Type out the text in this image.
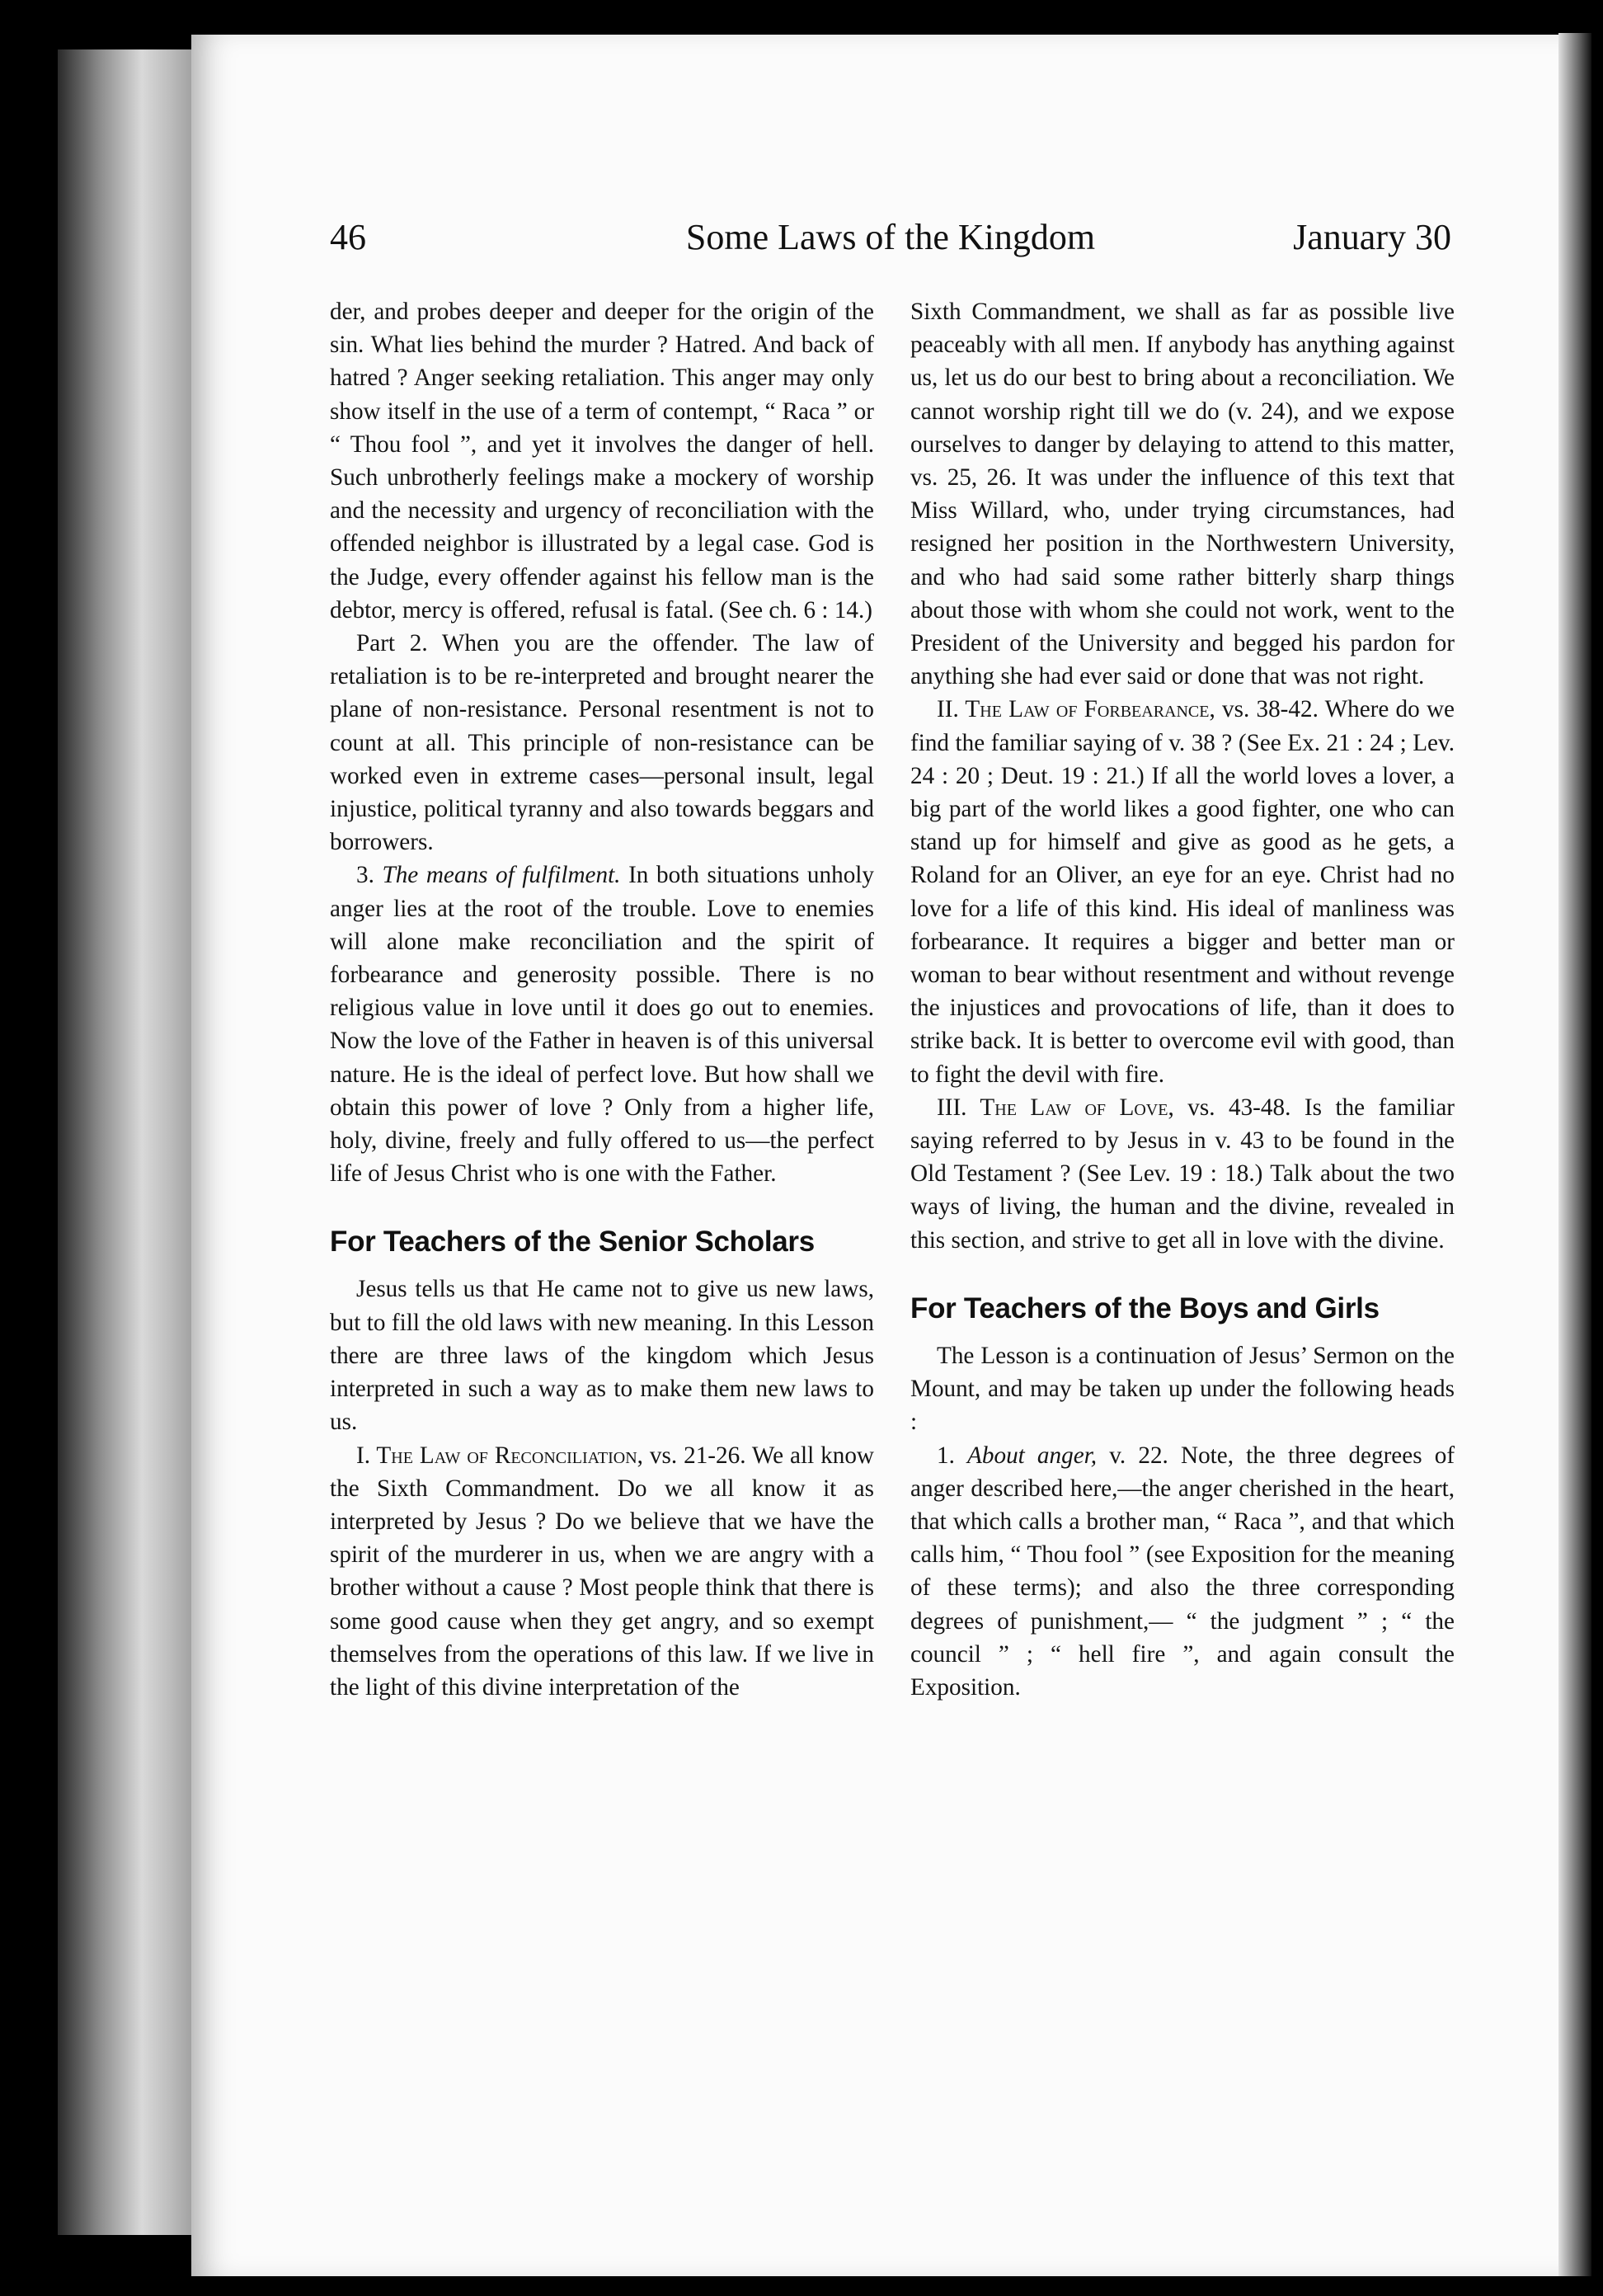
46	Some Laws of the Kingdom	January 30

der, and probes deeper and deeper for the origin of the sin. What lies behind the murder ? Hatred. And back of hatred ? Anger seeking retaliation. This anger may only show itself in the use of a term of contempt, “ Raca ” or “ Thou fool ”, and yet it involves the danger of hell. Such unbrotherly feelings make a mockery of worship and the necessity and urgency of reconciliation with the offended neighbor is illustrated by a legal case. God is the Judge, every offender against his fellow man is the debtor, mercy is offered, refusal is fatal. (See ch. 6 : 14.)

Part 2. When you are the offender. The law of retaliation is to be re-interpreted and brought nearer the plane of non-resistance. Personal resentment is not to count at all. This principle of non-resistance can be worked even in extreme cases—personal insult, legal injustice, political tyranny and also towards beggars and borrowers.

3. The means of fulfilment. In both situations unholy anger lies at the root of the trouble. Love to enemies will alone make reconciliation and the spirit of forbearance and generosity possible. There is no religious value in love until it does go out to enemies. Now the love of the Father in heaven is of this universal nature. He is the ideal of perfect love. But how shall we obtain this power of love ? Only from a higher life, holy, divine, freely and fully offered to us—the perfect life of Jesus Christ who is one with the Father.

For Teachers of the Senior Scholars

Jesus tells us that He came not to give us new laws, but to fill the old laws with new meaning. In this Lesson there are three laws of the kingdom which Jesus interpreted in such a way as to make them new laws to us.

I. The Law of Reconciliation, vs. 21-26. We all know the Sixth Commandment. Do we all know it as interpreted by Jesus ? Do we believe that we have the spirit of the murderer in us, when we are angry with a brother without a cause ? Most people think that there is some good cause when they get angry, and so exempt themselves from the operations of this law. If we live in the light of this divine interpretation of the

Sixth Commandment, we shall as far as possible live peaceably with all men. If anybody has anything against us, let us do our best to bring about a reconciliation. We cannot worship right till we do (v. 24), and we expose ourselves to danger by delaying to attend to this matter, vs. 25, 26. It was under the influence of this text that Miss Willard, who, under trying circumstances, had resigned her position in the Northwestern University, and who had said some rather bitterly sharp things about those with whom she could not work, went to the President of the University and begged his pardon for anything she had ever said or done that was not right.

II. The Law of Forbearance, vs. 38-42. Where do we find the familiar saying of v. 38 ? (See Ex. 21 : 24 ; Lev. 24 : 20 ; Deut. 19 : 21.) If all the world loves a lover, a big part of the world likes a good fighter, one who can stand up for himself and give as good as he gets, a Roland for an Oliver, an eye for an eye. Christ had no love for a life of this kind. His ideal of manliness was forbearance. It requires a bigger and better man or woman to bear without resentment and without revenge the injustices and provocations of life, than it does to strike back. It is better to overcome evil with good, than to fight the devil with fire.

III. The Law of Love, vs. 43-48. Is the familiar saying referred to by Jesus in v. 43 to be found in the Old Testament ? (See Lev. 19 : 18.) Talk about the two ways of living, the human and the divine, revealed in this section, and strive to get all in love with the divine.

For Teachers of the Boys and Girls

The Lesson is a continuation of Jesus’ Sermon on the Mount, and may be taken up under the following heads :

1. About anger, v. 22. Note, the three degrees of anger described here,—the anger cherished in the heart, that which calls a brother man, “ Raca ”, and that which calls him, “ Thou fool ” (see Exposition for the meaning of these terms); and also the three corresponding degrees of punishment,— “ the judgment ” ; “ the council ” ; “ hell fire ”, and again consult the Exposition.
